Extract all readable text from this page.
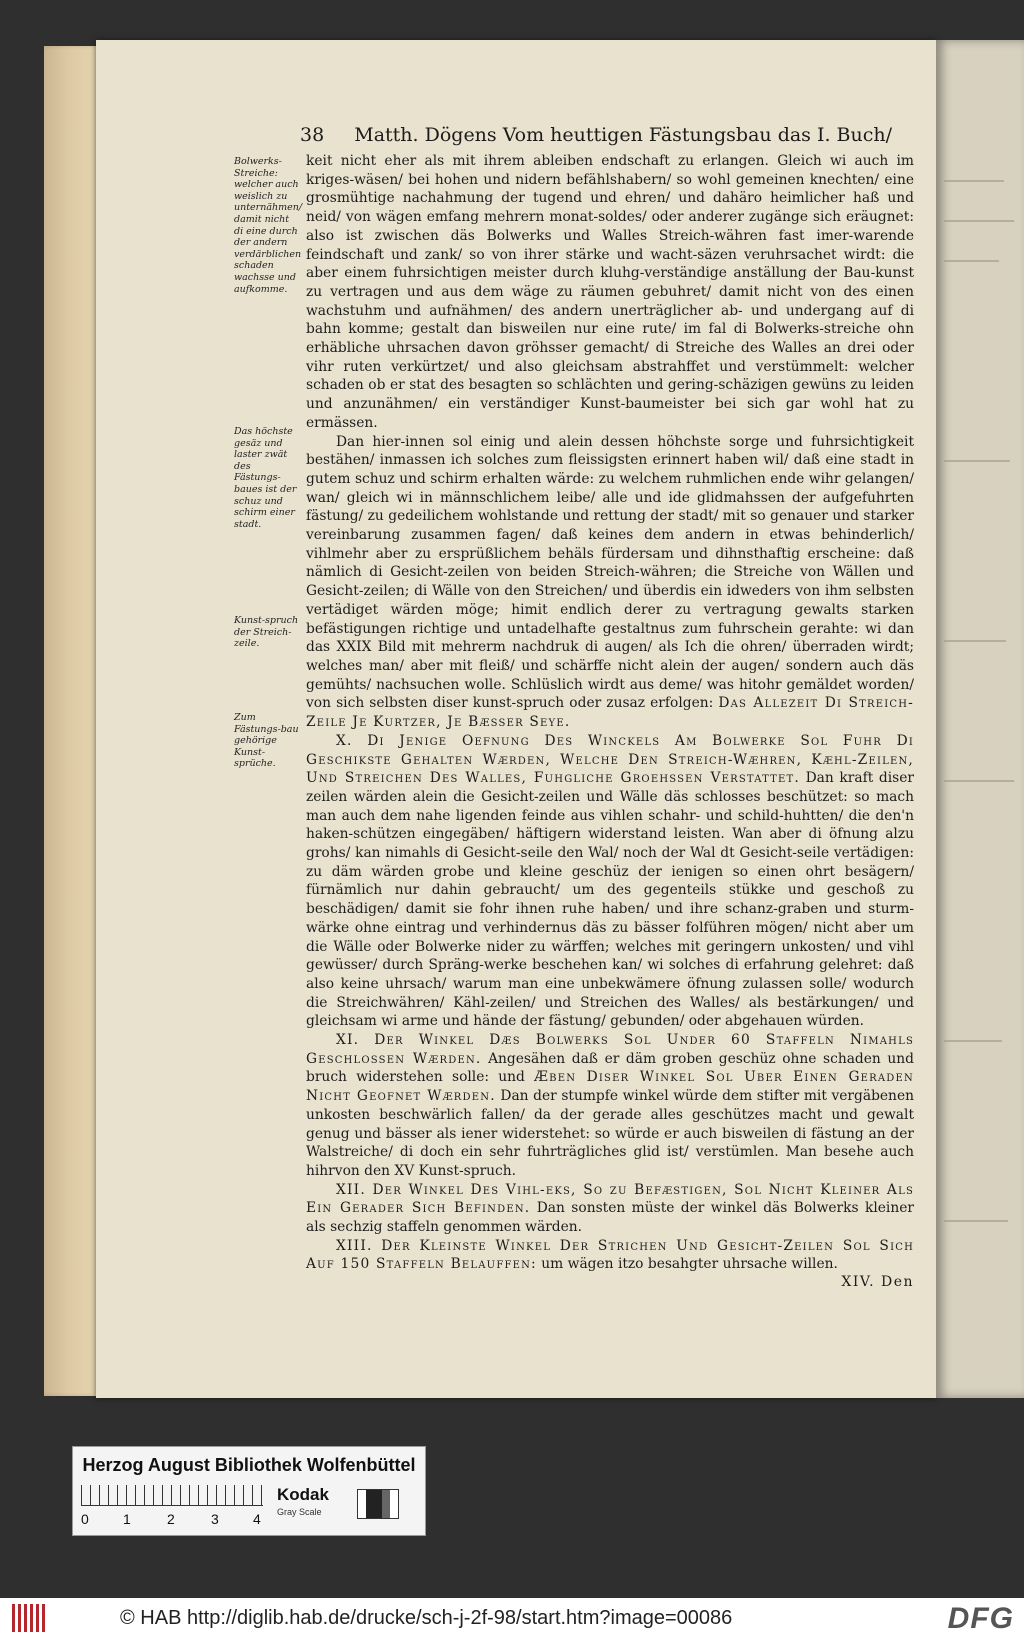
38 Matth. Dögens Vom heuttigen Fästungsbau das I. Buch/
Bolwerks-Streiche: welcher auch weislich zu unternähmen/ damit nicht di eine durch der andern verdärblichen schaden wachsse und aufkomme.
Das höchste gesäz und laster zwät des Fästungs-baues ist der schuz und schirm einer stadt.
Kunst-spruch der Streich-zeile.
Zum Fästungs-bau gehörige Kunst-sprüche.

keit nicht eher als mit ihrem ableiben endschaft zu erlangen. Gleich wi auch im kriges-wäsen/ bei hohen und nidern befählshabern/ so wohl gemeinen knechten/ eine grosmühtige nachahmung der tugend und ehren/ und dahäro heimlicher haß und neid/ von wägen emfang mehrern monat-soldes/ oder anderer zugänge sich eräugnet: also ist zwischen däs Bolwerks und Walles Streich-währen fast imer-warende feindschaft und zank/ so von ihrer stärke und wacht-säzen veruhrsachet wirdt: die aber einem fuhrsichtigen meister durch kluhg-verständige anställung der Bau-kunst zu vertragen und aus dem wäge zu räumen gebuhret/ damit nicht von des einen wachstuhm und aufnähmen/ des andern unerträglicher ab- und undergang auf di bahn komme; gestalt dan bisweilen nur eine rute/ im fal di Bolwerks-streiche ohn erhäbliche uhrsachen davon gröhsser gemacht/ di Streiche des Walles an drei oder vihr ruten verkürtzet/ und also gleichsam abstrahffet und verstümmelt: welcher schaden ob er stat des besagten so schlächten und gering-schäzigen gewüns zu leiden und anzunähmen/ ein verständiger Kunst-baumeister bei sich gar wohl hat zu ermässen.

Dan hier-innen sol einig und alein dessen höhchste sorge und fuhrsichtigkeit bestähen/ inmassen ich solches zum fleissigsten erinnert haben wil/ daß eine stadt in gutem schuz und schirm erhalten wärde: zu welchem ruhmlichen ende wihr gelangen/ wan/ gleich wi in männschlichem leibe/ alle und ide glidmahssen der aufgefuhrten fästung/ zu gedeilichem wohlstande und rettung der stadt/ mit so genauer und starker vereinbarung zusammen fagen/ daß keines dem andern in etwas behinderlich/ vihlmehr aber zu ersprüßlichem behäls fürdersam und dihnsthaftig erscheine: daß nämlich di Gesicht-zeilen von beiden Streich-währen; die Streiche von Wällen und Gesicht-zeilen; di Wälle von den Streichen/ und überdis ein idweders von ihm selbsten vertädiget wärden möge; himit endlich derer zu vertragung gewalts starken befästigungen richtige und untadelhafte gestaltnus zum fuhrschein gerahte: wi dan das XXIX Bild mit mehrerm nachdruk di augen/ als Ich die ohren/ überraden wirdt; welches man/ aber mit fleiß/ und schärffe nicht alein der augen/ sondern auch däs gemühts/ nachsuchen wolle. Schlüslich wirdt aus deme/ was hitohr gemäldet worden/ von sich selbsten diser kunst-spruch oder zusaz erfolgen: Das Allezeit Di Streich-Zeile Je Kurtzer, Je Bæsser Seye.

X. Di Jenige Oefnung Des Winckels Am Bolwerke Sol Fuhr Di Geschikste Gehalten Wærden, Welche Den Streich-Wæhren, Kæhl-Zeilen, Und Streichen Des Walles, Fuhgliche Groehssen Verstattet. Dan kraft diser zeilen wärden alein die Gesicht-zeilen und Wälle däs schlosses beschützet: so mach man auch dem nahe ligenden feinde aus vihlen schahr- und schild-huhtten/ die den'n haken-schützen eingegäben/ häftigern widerstand leisten. Wan aber di öfnung alzu grohs/ kan nimahls di Gesicht-seile den Wal/ noch der Wal dt Gesicht-seile vertädigen: zu däm wärden grobe und kleine geschüz der ienigen so einen ohrt besägern/ fürnämlich nur dahin gebraucht/ um des gegenteils stükke und geschoß zu beschädigen/ damit sie fohr ihnen ruhe haben/ und ihre schanz-graben und sturm-wärke ohne eintrag und verhindernus däs zu bässer folführen mögen/ nicht aber um die Wälle oder Bolwerke nider zu wärffen; welches mit geringern unkosten/ und vihl gewüsser/ durch Spräng-werke beschehen kan/ wi solches di erfahrung gelehret: daß also keine uhrsach/ warum man eine unbekwämere öfnung zulassen solle/ wodurch die Streichwähren/ Kähl-zeilen/ und Streichen des Walles/ als bestärkungen/ und gleichsam wi arme und hände der fästung/ gebunden/ oder abgehauen würden.

XI. Der Winkel Dæs Bolwerks Sol Under 60 Staffeln Nimahls Geschlossen Wærden. Angesähen daß er däm groben geschüz ohne schaden und bruch widerstehen solle: und Æben Diser Winkel Sol Uber Einen Geraden Nicht Geofnet Wærden. Dan der stumpfe winkel würde dem stifter mit vergäbenen unkosten beschwärlich fallen/ da der gerade alles geschützes macht und gewalt genug und bässer als iener widerstehet: so würde er auch bisweilen di fästung an der Walstreiche/ di doch ein sehr fuhrträgliches glid ist/ verstümlen. Man besehe auch hihrvon den XV Kunst-spruch.

XII. Der Winkel Des Vihl-eks, So zu Befæstigen, Sol Nicht Kleiner Als Ein Gerader Sich Befinden. Dan sonsten müste der winkel däs Bolwerks kleiner als sechzig staffeln genommen wärden.

XIII. Der Kleinste Winkel Der Strichen Und Gesicht-Zeilen Sol Sich Auf 150 Staffeln Belauffen: um wägen itzo besahgter uhrsache willen.

XIV. Den
Herzog August Bibliothek Wolfenbüttel
0 1	2	3 4
Kodak
Gray Scale
© HAB http://diglib.hab.de/drucke/sch-j-2f-98/start.htm?image=00086	DFG
